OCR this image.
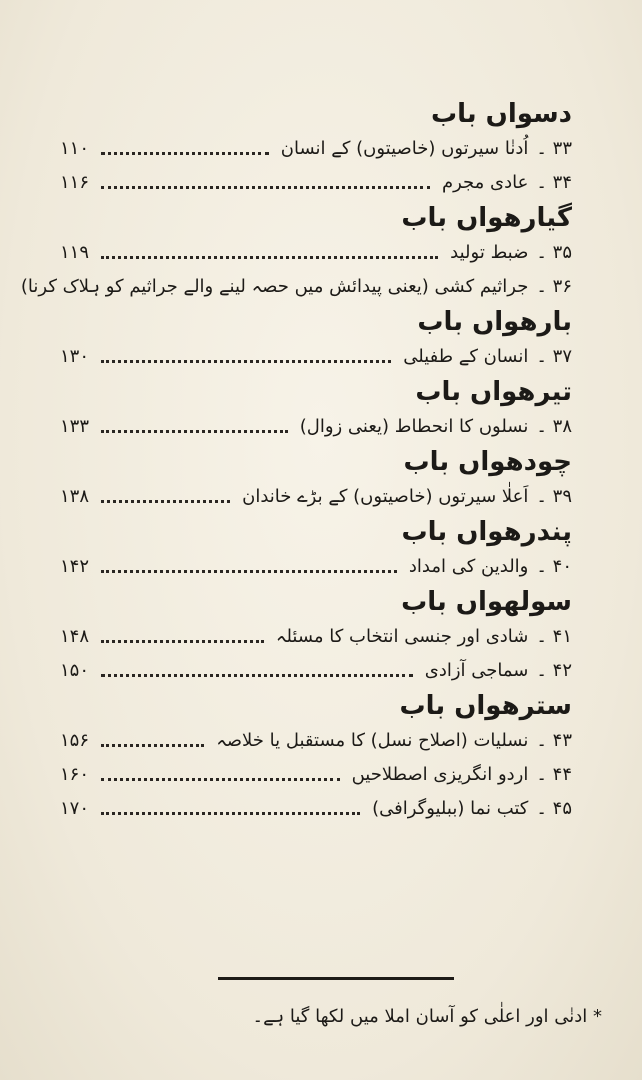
دسواں باب
۳۳ ۔
اُدنٰا سیرتوں (خاصیتوں) کے انسان
۱۱۰
۳۴ ۔
عادی مجرم
۱۱۶
گیارھواں باب
۳۵ ۔
ضبط تولید
۱۱۹
۳۶ ۔
جراثیم کشی (یعنی پیدائش میں حصہ لینے والے جراثیم کو ہلاک کرنا)
بارھواں باب
۳۷ ۔
انسان کے طفیلی
۱۳۰
تیرھواں باب
۳۸ ۔
نسلوں کا انحطاط (یعنی زوال)
۱۳۳
چودھواں باب
۳۹ ۔
اَعلٰا سیرتوں (خاصیتوں) کے بڑے خاندان
۱۳۸
پندرھواں باب
۴۰ ۔
والدین کی امداد
۱۴۲
سولھواں باب
۴۱ ۔
شادی اور جنسی انتخاب کا مسئلہ
۱۴۸
۴۲ ۔
سماجی آزادی
۱۵۰
سترھواں باب
۴۳ ۔
نسلیات (اصلاح نسل) کا مستقبل یا خلاصہ
۱۵۶
۴۴ ۔
اردو انگریزی اصطلاحیں
۱۶۰
۴۵ ۔
کتب نما (ببلیوگرافی)
۱۷۰
* ادنٰی اور اعلٰی کو آسان املا میں لکھا گیا ہے۔
